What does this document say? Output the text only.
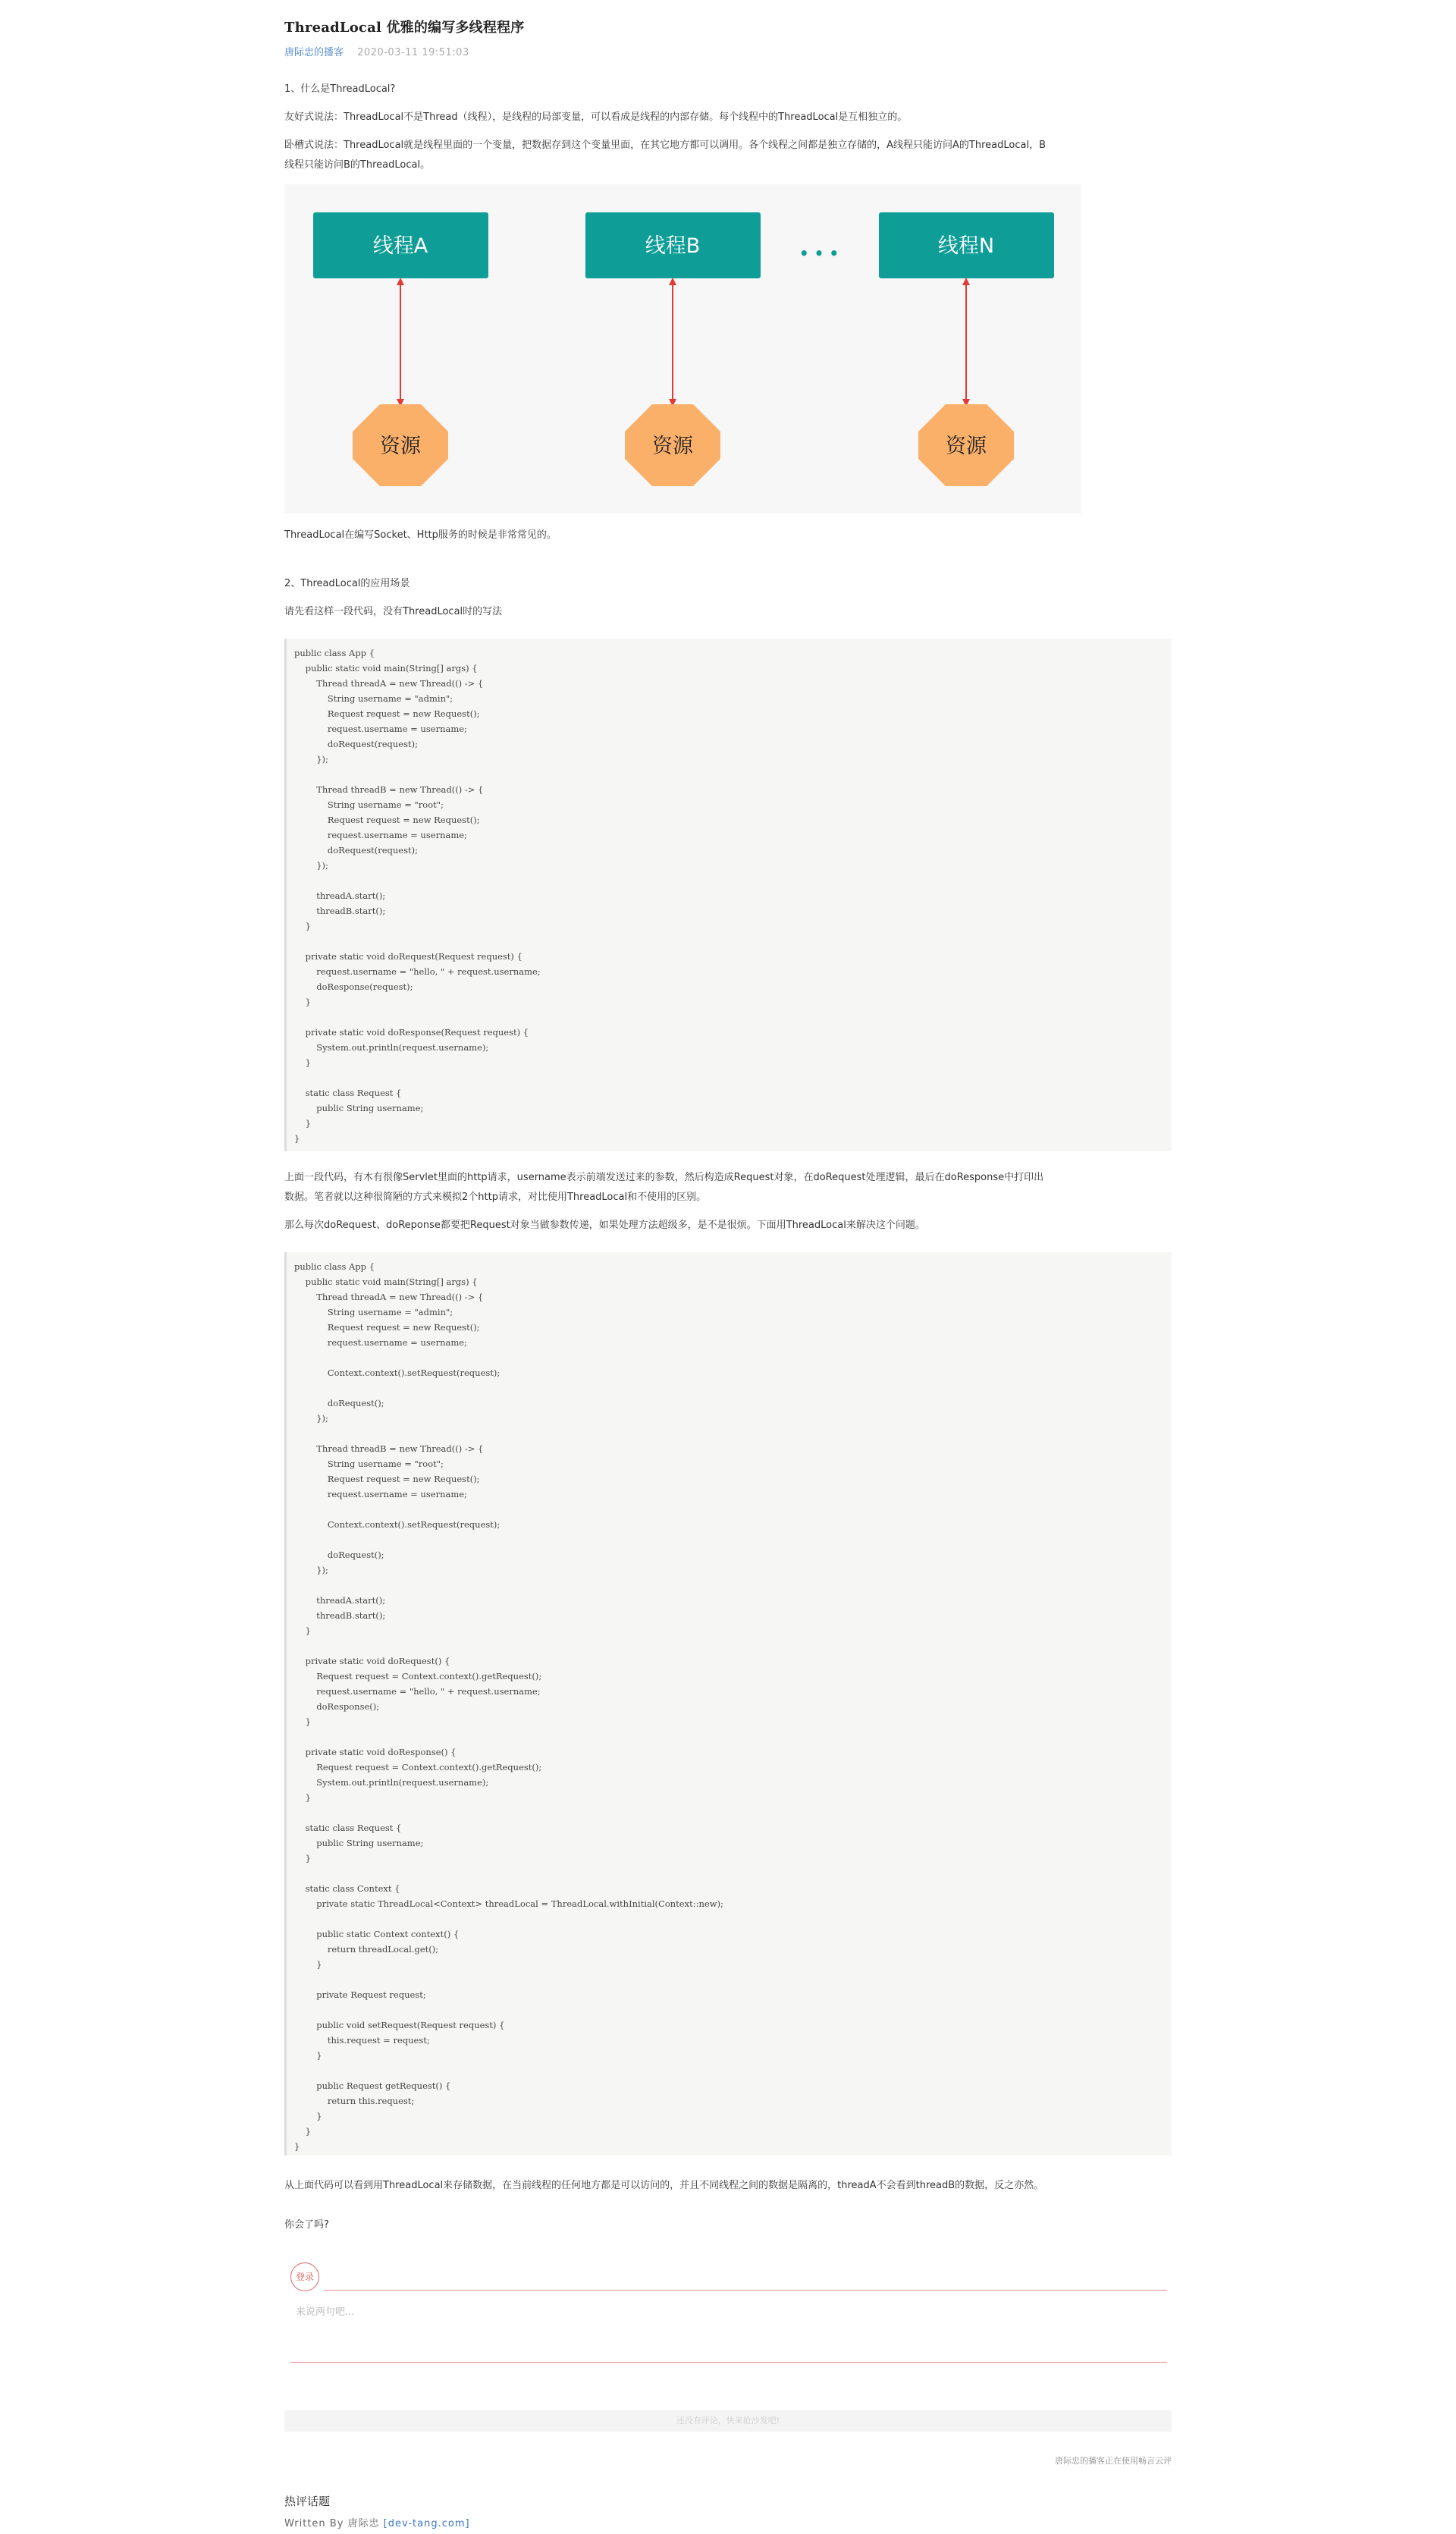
ThreadLocal 优雅的编写多线程程序
唐际忠的播客 2020-03-11 19:51:03

1、什么是ThreadLocal?

友好式说法：ThreadLocal不是Thread（线程），是线程的局部变量，可以看成是线程的内部存储。每个线程中的ThreadLocal是互相独立的。

卧槽式说法：ThreadLocal就是线程里面的一个变量，把数据存到这个变量里面，在其它地方都可以调用。各个线程之间都是独立存储的，A线程只能访问A的ThreadLocal，B

线程只能访问B的ThreadLocal。

线程A	线程B	线程N
• • •
资源	资源	资源

ThreadLocal在编写Socket、Http服务的时候是非常常见的。

2、ThreadLocal的应用场景

请先看这样一段代码，没有ThreadLocal时的写法

public class App {
public static void main(String[] args) {
Thread threadA = new Thread(() -> {
String username = "admin";
Request request = new Request();
request.username = username;
doRequest(request);
});
Thread threadB = new Thread(() -> {
String username = "root";
Request request = new Request();
request.username = username;
doRequest(request);
});
threadA.start();
threadB.start();
}
private static void doRequest(Request request) {
request.username = "hello, " + request.username;
doResponse(request);
}
private static void doResponse(Request request) {
System.out.println(request.username);
}
static class Request {
public String username;
}
}

上面一段代码，有木有很像Servlet里面的http请求，username表示前端发送过来的参数，然后构造成Request对象，在doRequest处理逻辑，最后在doResponse中打印出

数据。笔者就以这种很简陋的方式来模拟2个http请求，对比使用ThreadLocal和不使用的区别。

那么每次doRequest、doReponse都要把Request对象当做参数传递，如果处理方法超级多，是不是很烦。下面用ThreadLocal来解决这个问题。

public class App {
public static void main(String[] args) {
Thread threadA = new Thread(() -> {
String username = "admin";
Request request = new Request();
request.username = username;
Context.context().setRequest(request);
doRequest();
});
Thread threadB = new Thread(() -> {
String username = "root";
Request request = new Request();
request.username = username;
Context.context().setRequest(request);
doRequest();
});
threadA.start();
threadB.start();
}
private static void doRequest() {
Request request = Context.context().getRequest();
request.username = "hello, " + request.username;
doResponse();
}
private static void doResponse() {
Request request = Context.context().getRequest();
System.out.println(request.username);
}
static class Request {
public String username;
}
static class Context {
private static ThreadLocal<Context> threadLocal = ThreadLocal.withInitial(Context::new);
public static Context context() {
return threadLocal.get();
}
private Request request;
public void setRequest(Request request) {
this.request = request;
}
public Request getRequest() {
return this.request;
}
}
}

从上面代码可以看到用ThreadLocal来存储数据，在当前线程的任何地方都是可以访问的，并且不同线程之间的数据是隔离的，threadA不会看到threadB的数据，反之亦然。

你会了吗?

登录
来说两句吧...
还没有评论，快来抢沙发吧!
唐际忠的播客正在使用畅言云评
热评话题
Written By 唐际忠 [dev-tang.com]
